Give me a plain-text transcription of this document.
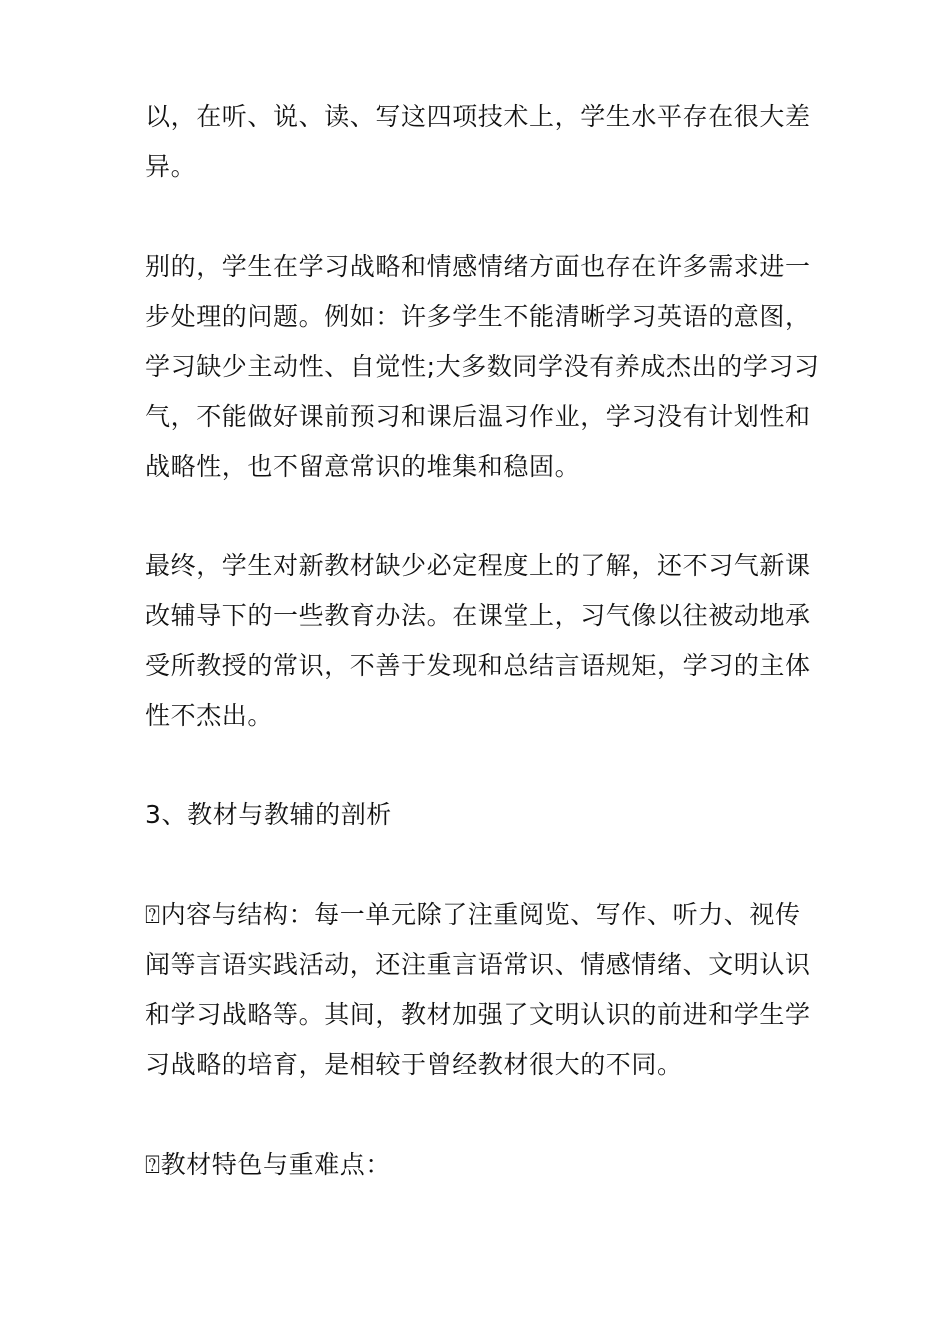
以，在听、说、读、写这四项技术上，学生水平存在很大差
异。

别的，学生在学习战略和情感情绪方面也存在许多需求进一
步处理的问题。例如：许多学生不能清晰学习英语的意图，
学习缺少主动性、自觉性;大多数同学没有养成杰出的学习习
气，不能做好课前预习和课后温习作业，学习没有计划性和
战略性，也不留意常识的堆集和稳固。

最终，学生对新教材缺少必定程度上的了解，还不习气新课
改辅导下的一些教育办法。在课堂上，习气像以往被动地承
受所教授的常识，不善于发现和总结言语规矩，学习的主体
性不杰出。

3、教材与教辅的剖析

⍰内容与结构：每一单元除了注重阅览、写作、听力、视传
闻等言语实践活动，还注重言语常识、情感情绪、文明认识
和学习战略等。其间，教材加强了文明认识的前进和学生学
习战略的培育，是相较于曾经教材很大的不同。

⍰教材特色与重难点：
